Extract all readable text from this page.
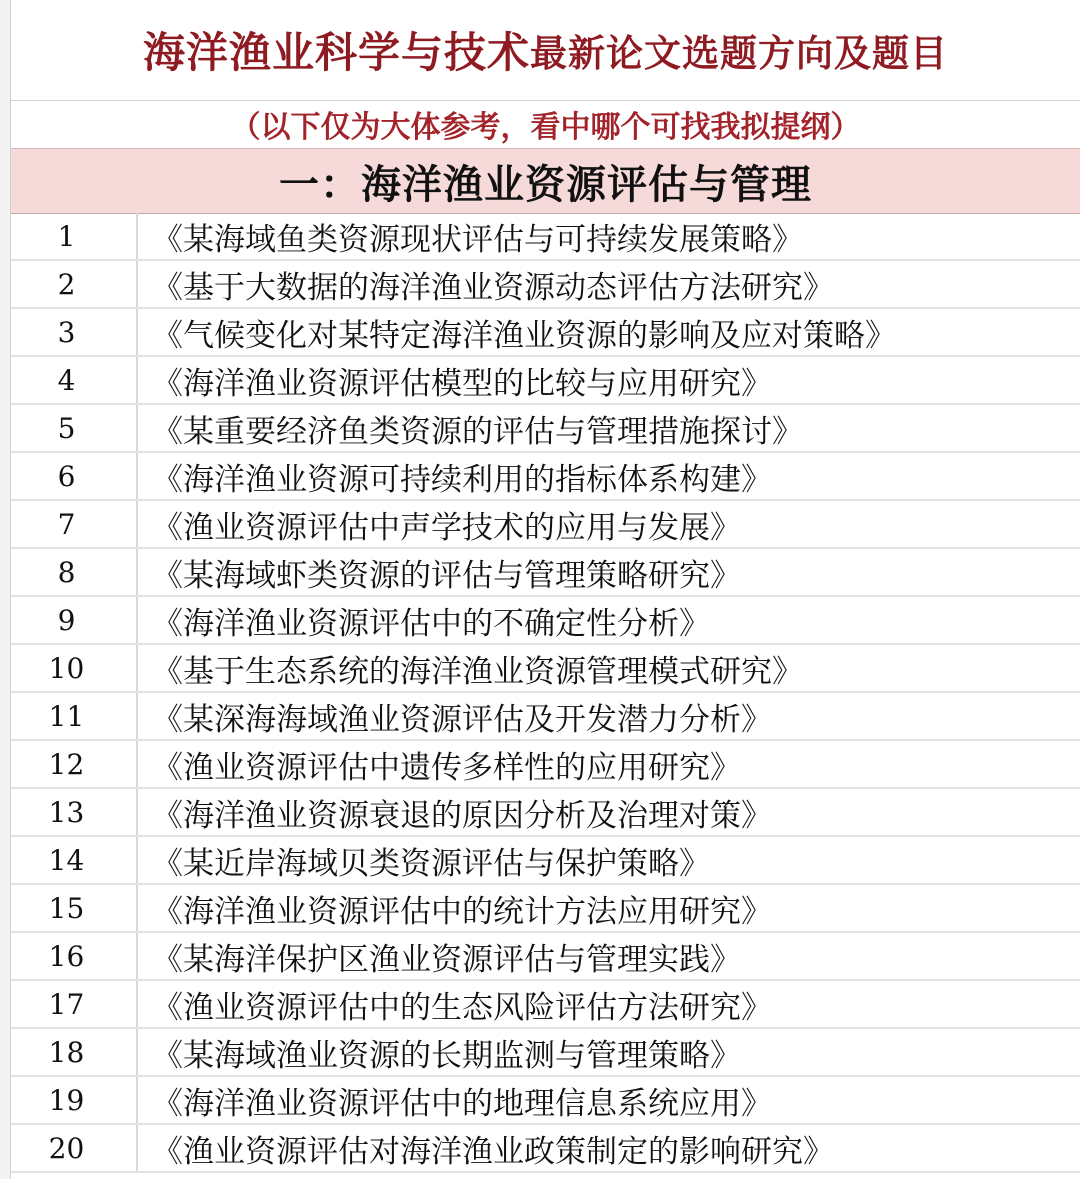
海洋渔业科学与技术 最新论文选题方向及题目
（以下仅为大体参考，看中哪个可找我拟提纲）
一：海洋渔业资源评估与管理
1	《某海域鱼类资源现状评估与可持续发展策略》
2	《基于大数据的海洋渔业资源动态评估方法研究》
3	《气候变化对某特定海洋渔业资源的影响及应对策略》
4	《海洋渔业资源评估模型的比较与应用研究》
5	《某重要经济鱼类资源的评估与管理措施探讨》
6	《海洋渔业资源可持续利用的指标体系构建》
7	《渔业资源评估中声学技术的应用与发展》
8	《某海域虾类资源的评估与管理策略研究》
9	《海洋渔业资源评估中的不确定性分析》
10	《基于生态系统的海洋渔业资源管理模式研究》
11	《某深海海域渔业资源评估及开发潜力分析》
12	《渔业资源评估中遗传多样性的应用研究》
13	《海洋渔业资源衰退的原因分析及治理对策》
14	《某近岸海域贝类资源评估与保护策略》
15	《海洋渔业资源评估中的统计方法应用研究》
16	《某海洋保护区渔业资源评估与管理实践》
17	《渔业资源评估中的生态风险评估方法研究》
18	《某海域渔业资源的长期监测与管理策略》
19	《海洋渔业资源评估中的地理信息系统应用》
20	《渔业资源评估对海洋渔业政策制定的影响研究》
